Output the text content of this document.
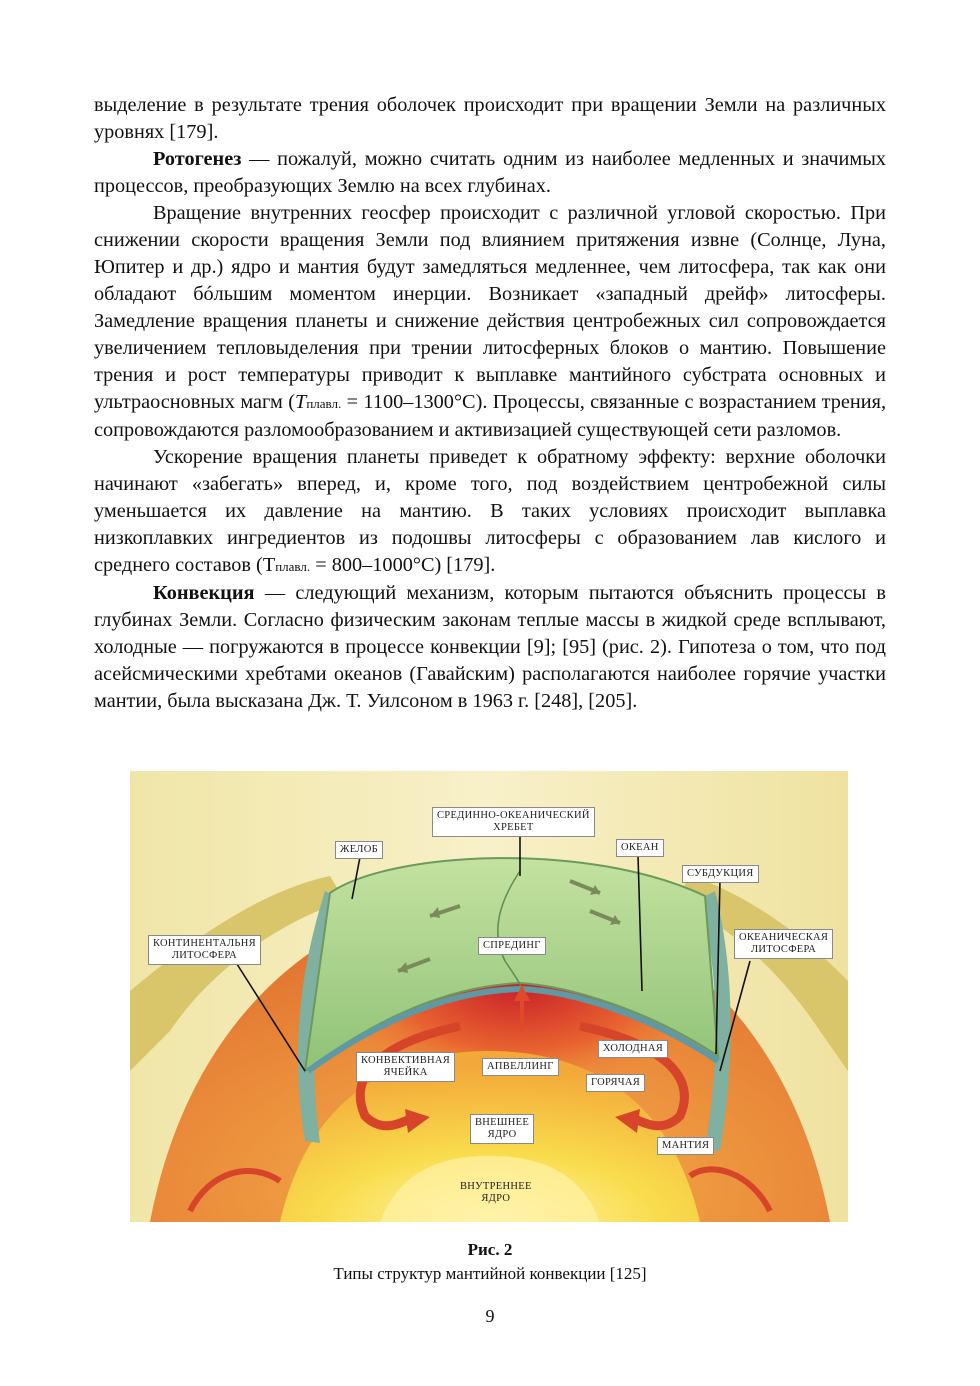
выделение в результате трения оболочек происходит при вращении Земли на различных уровнях [179].

Ротогенез — пожалуй, можно считать одним из наиболее медленных и значимых процессов, преобразующих Землю на всех глубинах.

Вращение внутренних геосфер происходит с различной угловой скоростью. При снижении скорости вращения Земли под влиянием притяжения извне (Солнце, Луна, Юпитер и др.) ядро и мантия будут замедляться медленнее, чем литосфера, так как они обладают бóльшим моментом инерции. Возникает «западный дрейф» литосферы. Замедление вращения планеты и снижение действия центробежных сил сопровождается увеличением тепловыделения при трении литосферных блоков о мантию. Повышение трения и рост температуры приводит к выплавке мантийного субстрата основных и ультраосновных магм (Tплавл. = 1100–1300°C). Процессы, связанные с возрастанием трения, сопровождаются разломообразованием и активизацией существующей сети разломов.

Ускорение вращения планеты приведет к обратному эффекту: верхние оболочки начинают «забегать» вперед, и, кроме того, под воздействием центробежной силы уменьшается их давление на мантию. В таких условиях происходит выплавка низкоплавких ингредиентов из подошвы литосферы с образованием лав кислого и среднего составов (Тплавл. = 800–1000°С) [179].

Конвекция — следующий механизм, которым пытаются объяснить процессы в глубинах Земли. Согласно физическим законам теплые массы в жидкой среде всплывают, холодные — погружаются в процессе конвекции [9]; [95] (рис. 2). Гипотеза о том, что под асейсмическими хребтами океанов (Гавайским) располагаются наиболее горячие участки мантии, была высказана Дж. Т. Уилсоном в 1963 г. [248], [205].

СРЕДИННО-ОКЕАНИЧЕСКИЙ
ХРЕБЕТ
ЖЕЛОБ	ОКЕАН
СУБДУКЦИЯ
КОНТИНЕНТАЛЬНЯ
ЛИТОСФЕРА
СПРЕДИНГ
ОКЕАНИЧЕСКАЯ
ЛИТОСФЕРА
ХОЛОДНАЯ
КОНВЕКТИВНАЯ
ЯЧЕЙКА
АПВЕЛЛИНГ
ГОРЯЧАЯ
ВНЕШНЕЕ
ЯДРО
МАНТИЯ
ВНУТРЕННЕЕ
ЯДРО
Рис. 2
Типы структур мантийной конвекции [125]
9
